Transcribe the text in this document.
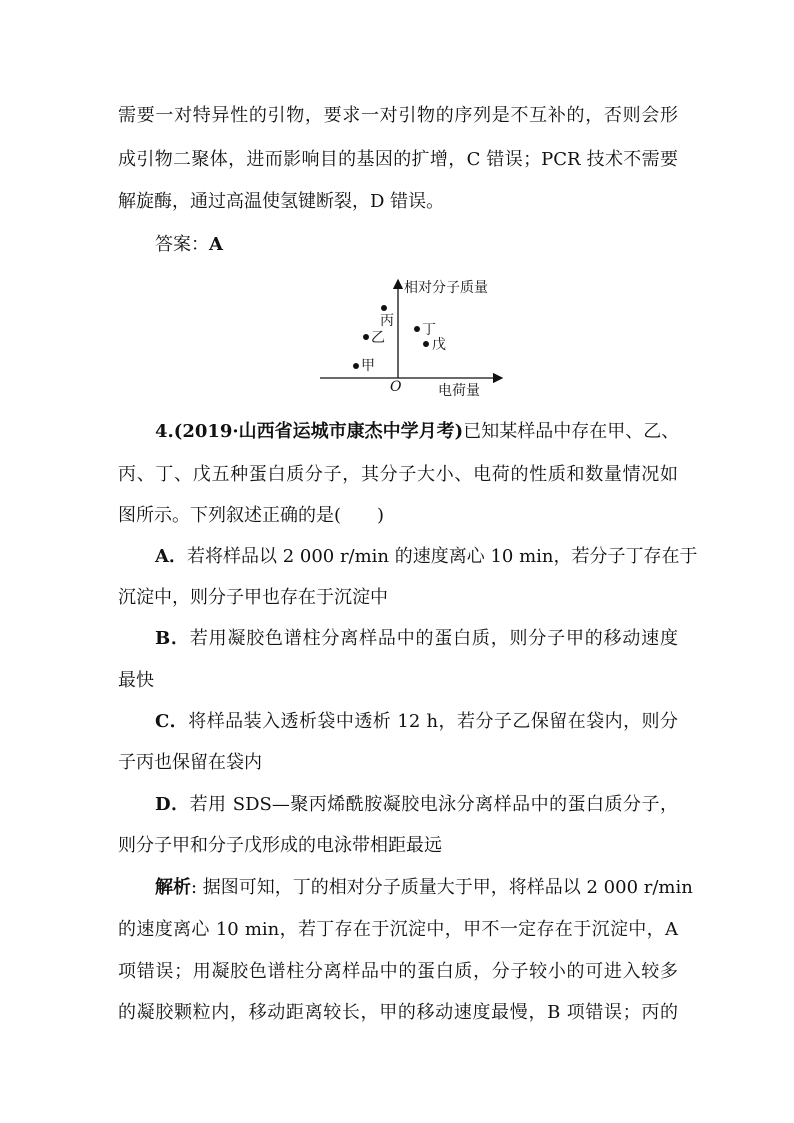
需要一对特异性的引物，要求一对引物的序列是不互补的，否则会形
成引物二聚体，进而影响目的基因的扩增，C 错误；PCR 技术不需要
解旋酶，通过高温使氢键断裂，D 错误。
答案：A
相对分子质量
电荷量
O
甲
乙
丙
丁
戊
4.(2019·山西省运城市康杰中学月考)已知某样品中存在甲、乙、
丙、丁、戊五种蛋白质分子，其分子大小、电荷的性质和数量情况如
图所示。下列叙述正确的是(　　)
A．若将样品以 2 000 r/min 的速度离心 10 min，若分子丁存在于
沉淀中，则分子甲也存在于沉淀中
B．若用凝胶色谱柱分离样品中的蛋白质，则分子甲的移动速度
最快
C．将样品装入透析袋中透析 12 h，若分子乙保留在袋内，则分
子丙也保留在袋内
D．若用 SDS—聚丙烯酰胺凝胶电泳分离样品中的蛋白质分子，
则分子甲和分子戊形成的电泳带相距最远
解析: 据图可知，丁的相对分子质量大于甲，将样品以 2 000 r/min
的速度离心 10 min，若丁存在于沉淀中，甲不一定存在于沉淀中，A
项错误；用凝胶色谱柱分离样品中的蛋白质，分子较小的可进入较多
的凝胶颗粒内，移动距离较长，甲的移动速度最慢，B 项错误；丙的
